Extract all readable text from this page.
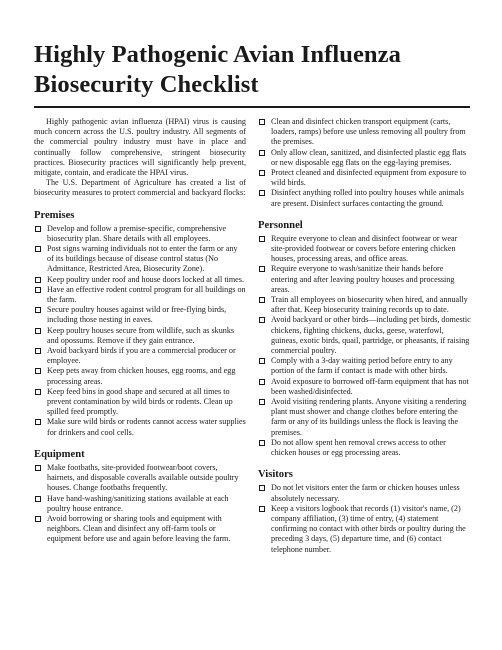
Highly Pathogenic Avian Influenza
Biosecurity Checklist

Highly pathogenic avian influenza (HPAI) virus is causing much concern across the U.S. poultry industry. All segments of the commercial poultry industry must have in place and continually follow comprehensive, stringent biosecurity practices. Biosecurity practices will significantly help prevent, mitigate, contain, and eradicate the HPAI virus.

The U.S. Department of Agriculture has created a list of biosecurity measures to protect commercial and backyard flocks:

Premises
Develop and follow a premise-specific, comprehensive biosecurity plan. Share details with all employees.
Post signs warning individuals not to enter the farm or any of its buildings because of disease control status (No Admittance, Restricted Area, Biosecurity Zone).
Keep poultry under roof and house doors locked at all times.
Have an effective rodent control program for all buildings on the farm.
Secure poultry houses against wild or free-flying birds, including those nesting in eaves.
Keep poultry houses secure from wildlife, such as skunks and opossums. Remove if they gain entrance.
Avoid backyard birds if you are a commercial producer or employee.
Keep pets away from chicken houses, egg rooms, and egg processing areas.
Keep feed bins in good shape and secured at all times to prevent contamination by wild birds or rodents. Clean up spilled feed promptly.
Make sure wild birds or rodents cannot access water supplies for drinkers and cool cells.
Equipment
Make footbaths, site-provided footwear/boot covers, hairnets, and disposable coveralls available outside poultry houses. Change footbaths frequently.
Have hand-washing/sanitizing stations available at each poultry house entrance.
Avoid borrowing or sharing tools and equipment with neighbors. Clean and disinfect any off-farm tools or equipment before use and again before leaving the farm.
Clean and disinfect chicken transport equipment (carts, loaders, ramps) before use unless removing all poultry from the premises.
Only allow clean, sanitized, and disinfected plastic egg flats or new disposable egg flats on the egg-laying premises.
Protect cleaned and disinfected equipment from exposure to wild birds.
Disinfect anything rolled into poultry houses while animals are present. Disinfect surfaces contacting the ground.
Personnel
Require everyone to clean and disinfect footwear or wear site-provided footwear or covers before entering chicken houses, processing areas, and office areas.
Require everyone to wash/sanitize their hands before entering and after leaving poultry houses and processing areas.
Train all employees on biosecurity when hired, and annually after that. Keep biosecurity training records up to date.
Avoid backyard or other birds—including pet birds, domestic chickens, fighting chickens, ducks, geese, waterfowl, guineas, exotic birds, quail, partridge, or pheasants, if raising commercial poultry.
Comply with a 3-day waiting period before entry to any portion of the farm if contact is made with other birds.
Avoid exposure to borrowed off-farm equipment that has not been washed/disinfected.
Avoid visiting rendering plants. Anyone visiting a rendering plant must shower and change clothes before entering the farm or any of its buildings unless the flock is leaving the premises.
Do not allow spent hen removal crews access to other chicken houses or egg processing areas.
Visitors
Do not let visitors enter the farm or chicken houses unless absolutely necessary.
Keep a visitors logbook that records (1) visitor's name, (2) company affiliation, (3) time of entry, (4) statement confirming no contact with other birds or poultry during the preceding 3 days, (5) departure time, and (6) contact telephone number.
